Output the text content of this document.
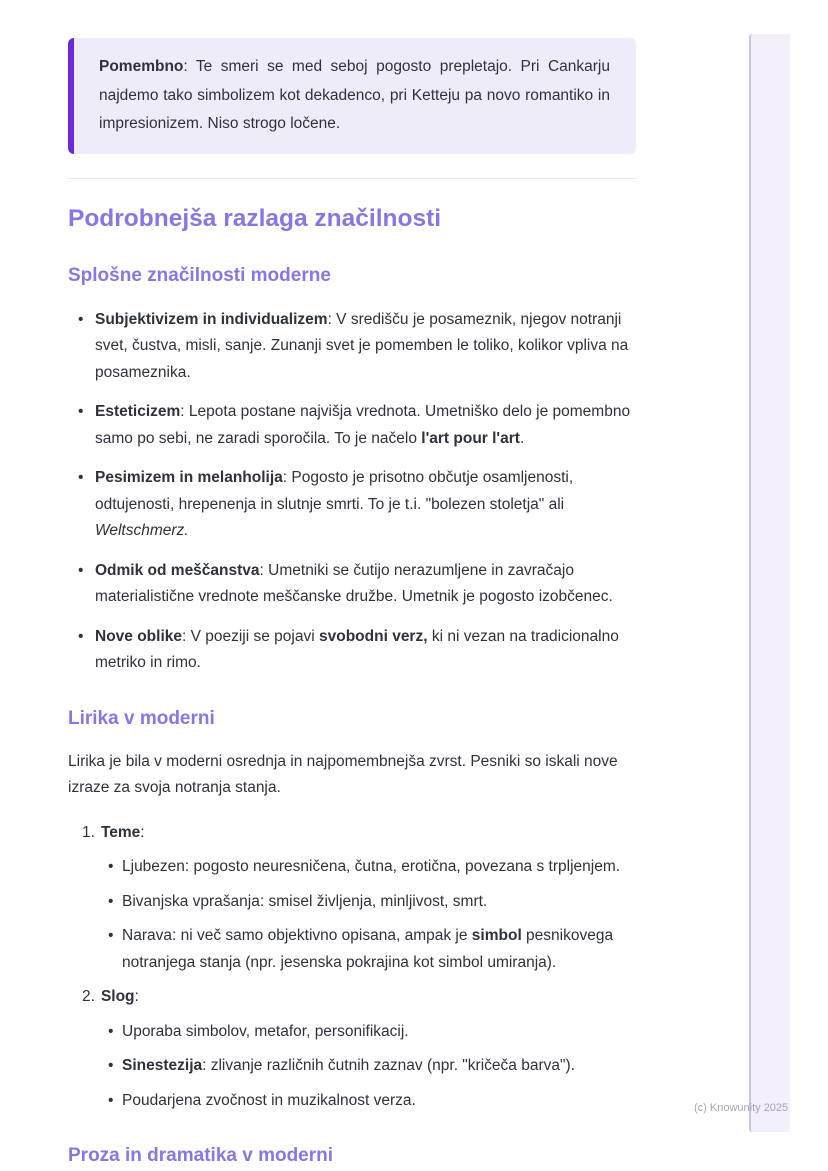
Pomembno: Te smeri se med seboj pogosto prepletajo. Pri Cankarju najdemo tako simbolizem kot dekadenco, pri Ketteju pa novo romantiko in impresionizem. Niso strogo ločene.

Podrobnejša razlaga značilnosti
Splošne značilnosti moderne
• Subjektivizem in individualizem: V središču je posameznik, njegov notranji svet, čustva, misli, sanje. Zunanji svet je pomemben le toliko, kolikor vpliva na posameznika.
• Esteticizem: Lepota postane najvišja vrednota. Umetniško delo je pomembno samo po sebi, ne zaradi sporočila. To je načelo l'art pour l'art.
• Pesimizem in melanholija: Pogosto je prisotno občutje osamljenosti, odtujenosti, hrepenenja in slutnje smrti. To je t.i. "bolezen stoletja" ali Weltschmerz.
• Odmik od meščanstva: Umetniki se čutijo nerazumljene in zavračajo materialistične vrednote meščanske družbe. Umetnik je pogosto izobčenec.
• Nove oblike: V poeziji se pojavi svobodni verz, ki ni vezan na tradicionalno metriko in rimo.
Lirika v moderni

Lirika je bila v moderni osrednja in najpomembnejša zvrst. Pesniki so iskali nove izraze za svoja notranja stanja.

1. Teme:
• Ljubezen: pogosto neuresničena, čutna, erotična, povezana s trpljenjem.
• Bivanjska vprašanja: smisel življenja, minljivost, smrt.
• Narava: ni več samo objektivno opisana, ampak je simbol pesnikovega notranjega stanja (npr. jesenska pokrajina kot simbol umiranja).
2. Slog:
• Uporaba simbolov, metafor, personifikacij.
• Sinestezija: zlivanje različnih čutnih zaznav (npr. "kričeča barva").
• Poudarjena zvočnost in muzikalnost verza.
Proza in dramatika v moderni
(c) Knowunity 2025
